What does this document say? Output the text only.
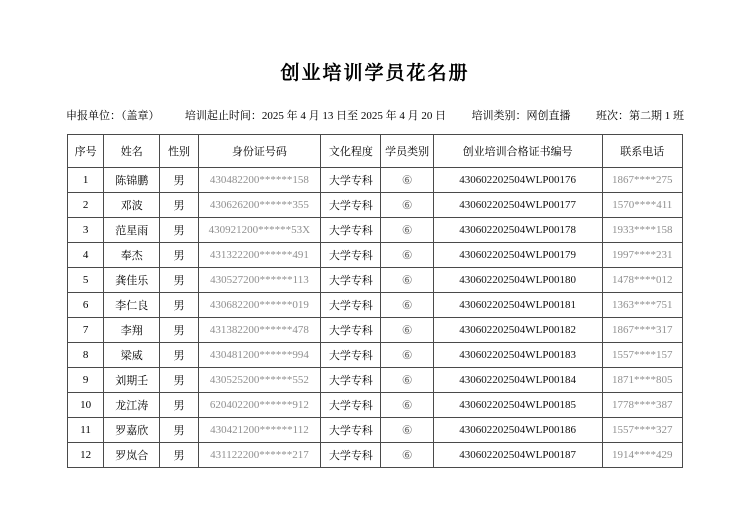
创业培训学员花名册
申报单位：（盖章） 培训起止时间：2025 年 4 月 13 日至 2025 年 4 月 20 日 培训类别：网创直播 班次：第二期 1 班
序号	姓名	性别	身份证号码	文化程度	学员类别	创业培训合格证书编号	联系电话
1	陈锦鹏	男	430482200******158	大学专科	⑥	430602202504WLP00176	1867****275
2	邓波	男	430626200******355	大学专科	⑥	430602202504WLP00177	1570****411
3	范星雨	男	430921200******53X	大学专科	⑥	430602202504WLP00178	1933****158
4	奉杰	男	431322200******491	大学专科	⑥	430602202504WLP00179	1997****231
5	龚佳乐	男	430527200******113	大学专科	⑥	430602202504WLP00180	1478****012
6	李仁良	男	430682200******019	大学专科	⑥	430602202504WLP00181	1363****751
7	李翔	男	431382200******478	大学专科	⑥	430602202504WLP00182	1867****317
8	梁威	男	430481200******994	大学专科	⑥	430602202504WLP00183	1557****157
9	刘期壬	男	430525200******552	大学专科	⑥	430602202504WLP00184	1871****805
10	龙江涛	男	620402200******912	大学专科	⑥	430602202504WLP00185	1778****387
11	罗嘉欣	男	430421200******112	大学专科	⑥	430602202504WLP00186	1557****327
12	罗岚合	男	431122200******217	大学专科	⑥	430602202504WLP00187	1914****429
